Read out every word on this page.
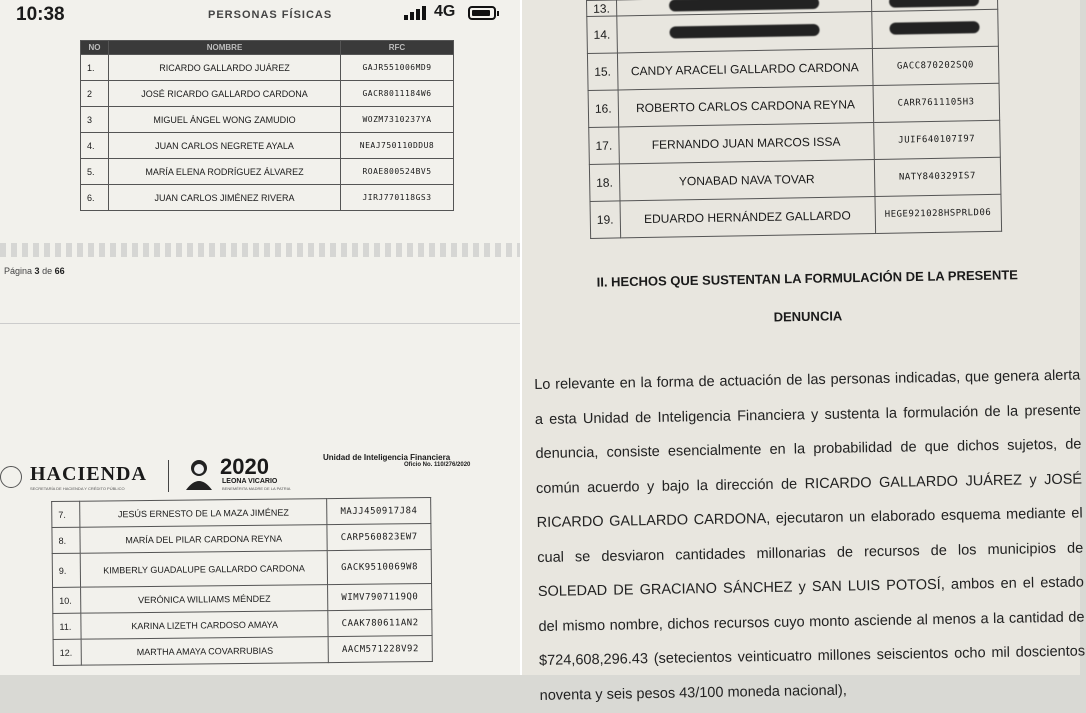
10:38	PERSONAS FÍSICAS	4G
NO	NOMBRE	RFC
1.	RICARDO GALLARDO JUÁREZ	GAJR551006MD9
2	JOSÉ RICARDO GALLARDO CARDONA	GACR8011184W6
3	MIGUEL ÁNGEL WONG ZAMUDIO	WOZM7310237YA
4.	JUAN CARLOS NEGRETE AYALA	NEAJ750110DDU8
5.	MARÍA ELENA RODRÍGUEZ ÁLVAREZ	ROAE800524BV5
6.	JUAN CARLOS JIMÉNEZ RIVERA	JIRJ770118GS3
Página 3 de 66
HACIENDA
SECRETARÍA DE HACIENDA Y CRÉDITO PÚBLICO
2020
LEONA VICARIO
BENEMÉRITA MADRE DE LA PATRIA
Unidad de Inteligencia Financiera
Oficio No. 110/276/2020
7.	JESÚS ERNESTO DE LA MAZA JIMÉNEZ	MAJJ450917J84
8.	MARÍA DEL PILAR CARDONA REYNA	CARP560823EW7
9.	KIMBERLY GUADALUPE GALLARDO CARDONA	GACK9510069W8
10.	VERÓNICA WILLIAMS MÉNDEZ	WIMV7907119Q0
11.	KARINA LIZETH CARDOSO AMAYA	CAAK780611AN2
12.	MARTHA AMAYA COVARRUBIAS	AACM571228V92
13.		
14.		
15.	CANDY ARACELI GALLARDO CARDONA	GACC870202SQ0
16.	ROBERTO CARLOS CARDONA REYNA	CARR7611105H3
17.	FERNANDO JUAN MARCOS ISSA	JUIF640107I97
18.	YONABAD NAVA TOVAR	NATY840329IS7
19.	EDUARDO HERNÁNDEZ GALLARDO	HEGE921028HSPRLD06
II. HECHOS QUE SUSTENTAN LA FORMULACIÓN DE LA PRESENTE
DENUNCIA
Lo relevante en la forma de actuación de las personas indicadas, que genera alerta a esta Unidad de Inteligencia Financiera y sustenta la formulación de la presente denuncia, consiste esencialmente en la probabilidad de que dichos sujetos, de común acuerdo y bajo la dirección de RICARDO GALLARDO JUÁREZ y JOSÉ RICARDO GALLARDO CARDONA, ejecutaron un elaborado esquema mediante el cual se desviaron cantidades millonarias de recursos de los municipios de SOLEDAD DE GRACIANO SÁNCHEZ y SAN LUIS POTOSÍ, ambos en el estado del mismo nombre, dichos recursos cuyo monto asciende al menos a la cantidad de $724,608,296.43 (setecientos veinticuatro millones seiscientos ocho mil doscientos noventa y seis pesos 43/100 moneda nacional),
